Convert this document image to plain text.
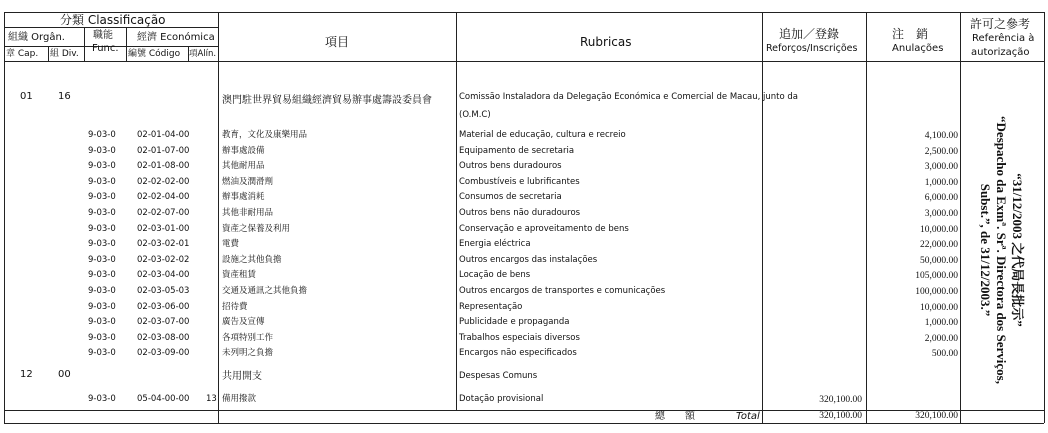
分類 Classificação
組織 Orgân.
章 Cap. 組 Div.
職能
Func.
經濟 Económica
編號 Código 項Alín.
項目	Rubricas
追加／登錄
Reforços/Inscrições
注　銷
Anulações
許可之參考
Referência à
autorização
01	16	澳門駐世界貿易組織經濟貿易辦事處籌設委員會	Comissão Instaladora da Delegação Económica e Comercial de Macau, junto da
(O.M.C)
9-03-0 02-01-04-00	教育，文化及康樂用品	Material de educação, cultura e recreio	4,100.00
9-03-0 02-01-07-00	辦事處設備	Equipamento de secretaria	2,500.00
9-03-0 02-01-08-00	其他耐用品	Outros bens duradouros	3,000.00
9-03-0 02-02-02-00	燃油及潤滑劑	Combustíveis e lubrificantes	1,000.00
9-03-0 02-02-04-00	辦事處消耗	Consumos de secretaria	6,000.00
9-03-0 02-02-07-00	其他非耐用品	Outros bens não duradouros	3,000.00
9-03-0 02-03-01-00	資產之保養及利用	Conservação e aproveitamento de bens	10,000.00
9-03-0 02-03-02-01	電費	Energia eléctrica	22,000.00
9-03-0 02-03-02-02	設施之其他負擔	Outros encargos das instalações	50,000.00
9-03-0 02-03-04-00	資產租賃	Locação de bens	105,000.00
9-03-0 02-03-05-03	交通及通訊之其他負擔	Outros encargos de transportes e comunicações	100,000.00
9-03-0 02-03-06-00	招待費	Representação	10,000.00
9-03-0 02-03-07-00	廣告及宣傳	Publicidade e propaganda	1,000.00
9-03-0 02-03-08-00	各項特別工作	Trabalhos especiais diversos	2,000.00
9-03-0 02-03-09-00	未列明之負擔	Encargos não especificados	500.00
12	00	共用開支	Despesas Comuns
9-03-0 05-04-00-00 13 備用撥款	Dotação provisional	320,100.00
總　　額	Total	320,100.00	320,100.00
“31/12/2003 之代局長批示”
“Despacho da Exmª. Srª. Directora dos Serviços,
Subst.”, de 31/12/2003.”
